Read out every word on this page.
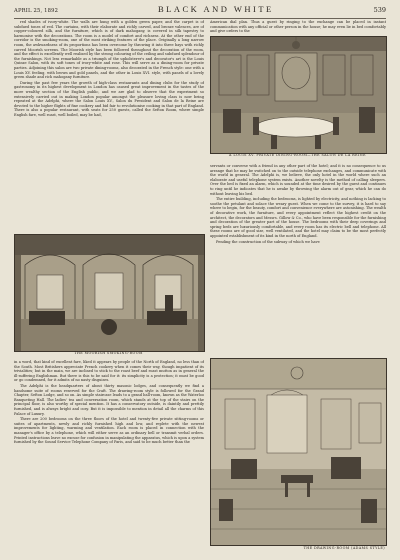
APRIL 25, 1892	BLACK AND WHITE	539

red shades of ivory-white. The walls are hung with a golden green paper, and the carpet is of subdued tones of red. The curtains, with their elaborate and richly carved, and bronze valences, are of copper-coloured silk, and the furniture, which is of dark mahogany, is covered in silk tapestry to harmonise with the decorations. The room is a model of comfort and richness. At the other end of the corridor is the smoking-room, one of the most striking features of the place. Originally a long narrow room, the awkwardness of its proportions has been overcome by throwing it into three bays with richly carved Moorish screens. The Moorish style has been followed throughout the decoration of the room, and the effect is excellently well realised by the strong colouring of the ceiling and subdued splendour of the furnishings. Not less remarkable as a triumph of the upholsterer's and decorator's art is the Louis Quinze Salon, with its soft tones of ivory-white and rose. This will serve as a dining-room for private parties. Adjoining this salon are two private dining-rooms, also decorated in the French style: one with a Louis XV. feeling, with brown and gold panels, and the other in Louis XVI. style, with panels of a lovely green shade and rich mahogany furniture.

During the past few years the growth of high-class restaurants and dining clubs for the study of gastronomy in its highest development in London has caused great improvement in the tastes of the more wealthy section of the English public, and we are glad to observe that the experiment so extensively carried out in making London popular amongst the pleasure loving class is now being repeated at the Adelphi, where the Salon Louis XV., Salon du President and Salon de la Reine are devoted to the higher flights of fine cookery and bid fair to revolutionise cooking in that part of England. There is also a popular restaurant, with seats for 250 guests, called the Sefton Room, where simple English fare, well roast, well boiled, may be had,

American dial plan. Thus a guest by ringing to the exchange can be placed in instant communication with any official or other person in the house; he may even lie in bed comfortably and give orders to the

A LOUIS XV. PRIVATE DINING-ROOM—THE SALON DE LA REINE

servants or converse with a friend in any other part of the hotel; and it is no consequence to us arrange that he may be switched on to the outside telephone exchanges, and communicate with the world in general. The Adelphi is, we believe, the only hotel in the world where such an elaborate and useful telephone system exists. Another novelty is the method of calling sleepers. Over the bed is fixed an alarm, which is sounded at the time desired by the guest and continues to ring until he indicates that he is awake by throwing the alarm out of gear, which he can do without leaving his bed.

The entire building, including the bedrooms, is lighted by electricity, and nothing is lacking to soothe the petulant and solace the weary guest. When we come to the survey, it is hard to say where to begin, for the beauty, comfort and convenience everywhere are astonishing. The wealth of decorative work, the furniture, and every appointment reflect the highest credit on the architect, the decorators and Messrs. Gillow & Co., who have been responsible for the furnishing and decoration of the greater part of the house. The bedrooms with their deep coverings and spring beds are luxuriously comfortable, and every room has its electric bell and telephone. All these rooms are of good size, well ventilated, and the hotel may claim to be the most perfectly appointed establishment of its kind in the north of England.

Pending the construction of the subway of which we have

THE MOORISH SMOKING-ROOM

in a word, that kind of excellent fare, liked it appears by people of the North of England, no less than of the South. Most Britishers appreciate French cookery when it comes their way, though impatient of its trivialities; but in the main, we are inclined to stick to the roast beef and roast mutton as in general the ill-suffering Englishman. But there is this to be said for it: its simplicity is a protection; it must be good or go condemned, for it admits of no nasty disguises.

The Adelphi is the headquarters of about thirty masonic lodges, and consequently we find a handsome suite of rooms reserved for the Craft. The drawing-room style is followed for the Grand Chapter, Sefton Lodge, and so on. As simple staircase leads to a grand ball-room, known as the Waterloo Banqueting Hall. The ladies' tea and conversation room, which stands at the top of the stairs on the principal floor, is also worthy of special mention. It has a conservatory outside, is daintily and prettily furnished, and is always bright and cosy. But it is impossible to mention in detail all the charms of this Palace of Luxury.

There are 200 bedrooms on the three floors of the hotel and twenty-five private sitting-rooms or suites of apartments, newly and richly furnished high and low, and replete with the newest improvements for lighting, warming and ventilation. Each room is placed in connection with the manager's office by a telephone, which will either serve as an ordinary bell or transmit verbal orders. Printed instructions leave no excuse for confusion in manipulating the apparatus, which is upon a system furnished by the Sound Service Telephone Company of Paris, and said to be much better than the

THE DRAWING-ROOM (ADAMS STYLE)
